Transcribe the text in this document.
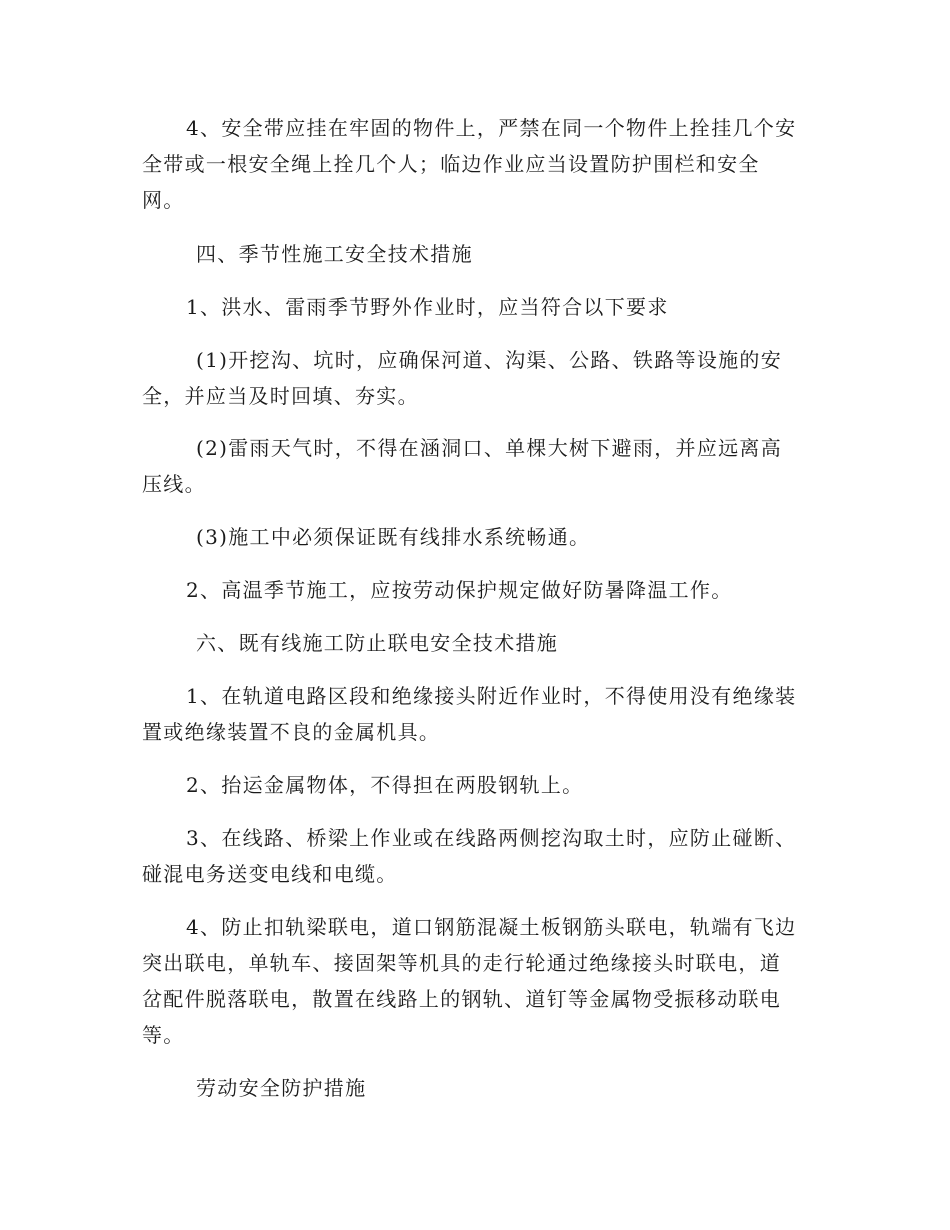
4、安全带应挂在牢固的物件上，严禁在同一个物件上拴挂几个安
全带或一根安全绳上拴几个人；临边作业应当设置防护围栏和安全
网。
四、季节性施工安全技术措施
1、洪水、雷雨季节野外作业时，应当符合以下要求
(1)开挖沟、坑时，应确保河道、沟渠、公路、铁路等设施的安
全，并应当及时回填、夯实。
(2)雷雨天气时，不得在涵洞口、单棵大树下避雨，并应远离高
压线。
(3)施工中必须保证既有线排水系统畅通。
2、高温季节施工，应按劳动保护规定做好防暑降温工作。
六、既有线施工防止联电安全技术措施
1、在轨道电路区段和绝缘接头附近作业时，不得使用没有绝缘装
置或绝缘装置不良的金属机具。
2、抬运金属物体，不得担在两股钢轨上。
3、在线路、桥梁上作业或在线路两侧挖沟取土时，应防止碰断、
碰混电务送变电线和电缆。
4、防止扣轨梁联电，道口钢筋混凝土板钢筋头联电，轨端有飞边
突出联电，单轨车、接固架等机具的走行轮通过绝缘接头时联电，道
岔配件脱落联电，散置在线路上的钢轨、道钉等金属物受振移动联电
等。
劳动安全防护措施
